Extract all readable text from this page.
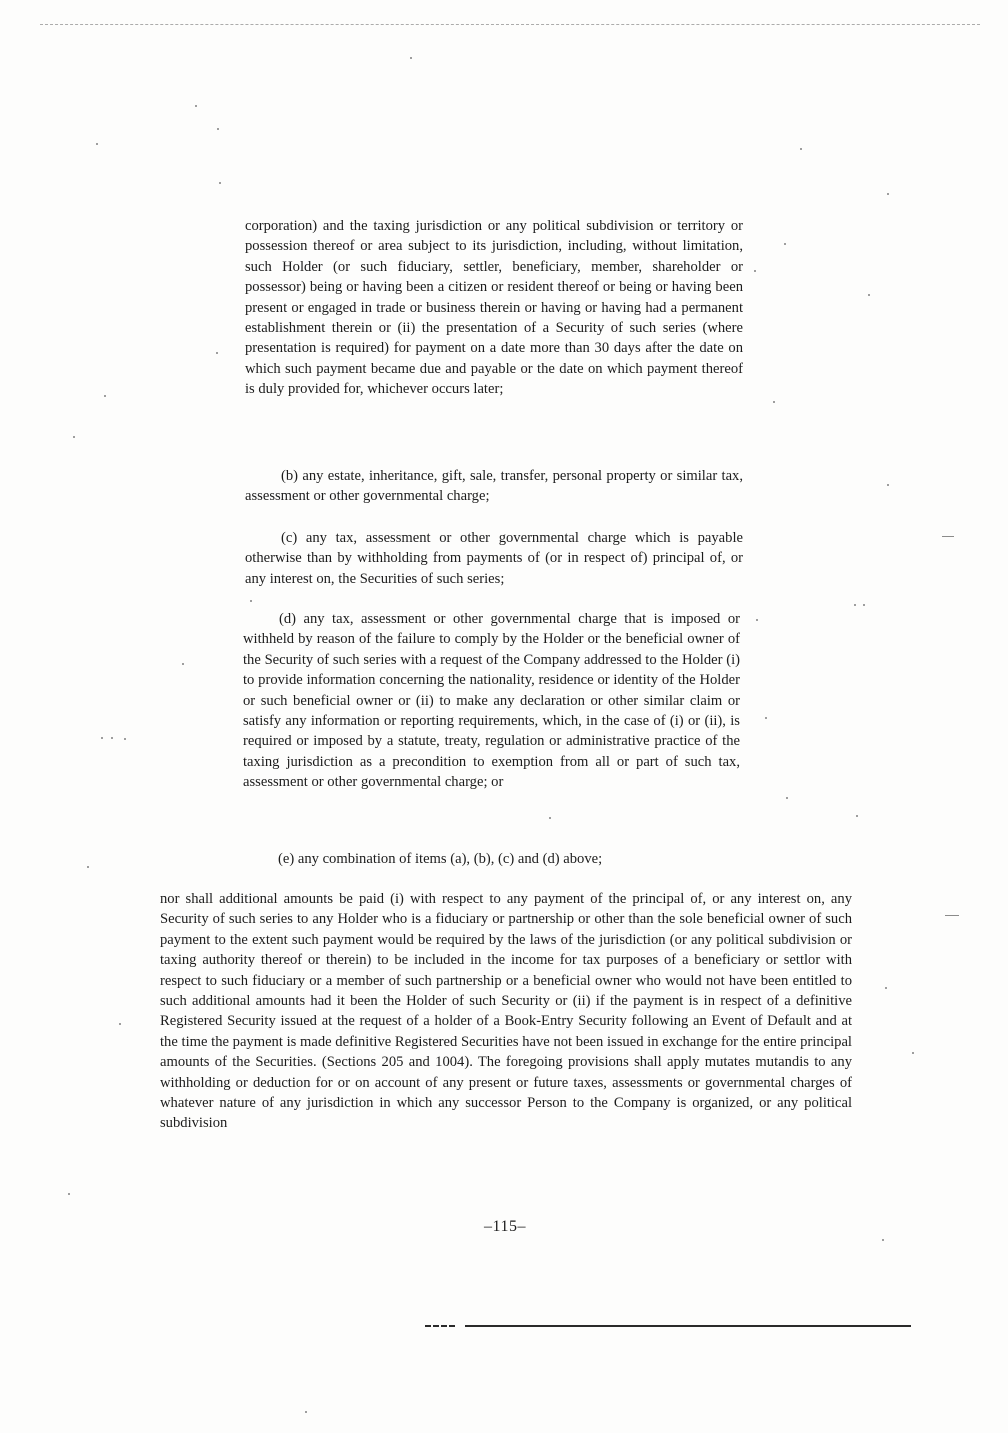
corporation) and the taxing jurisdiction or any political subdivision or territory or possession thereof or area subject to its jurisdiction, including, without limitation, such Holder (or such fiduciary, settler, beneficiary, member, shareholder or possessor) being or having been a citizen or resident thereof or being or having been present or engaged in trade or business therein or having or having had a permanent establishment therein or (ii) the presentation of a Security of such series (where presentation is required) for payment on a date more than 30 days after the date on which such payment became due and payable or the date on which payment thereof is duly provided for, whichever occurs later;

(b) any estate, inheritance, gift, sale, transfer, personal property or similar tax, assessment or other governmental charge;

(c) any tax, assessment or other governmental charge which is payable otherwise than by withholding from payments of (or in respect of) principal of, or any interest on, the Securities of such series;

(d) any tax, assessment or other governmental charge that is imposed or withheld by reason of the failure to comply by the Holder or the beneficial owner of the Security of such series with a request of the Company addressed to the Holder (i) to provide information concerning the nationality, residence or identity of the Holder or such beneficial owner or (ii) to make any declaration or other similar claim or satisfy any information or reporting requirements, which, in the case of (i) or (ii), is required or imposed by a statute, treaty, regulation or administrative practice of the taxing jurisdiction as a precondition to exemption from all or part of such tax, assessment or other governmental charge; or

(e) any combination of items (a), (b), (c) and (d) above;

nor shall additional amounts be paid (i) with respect to any payment of the principal of, or any interest on, any Security of such series to any Holder who is a fiduciary or partnership or other than the sole beneficial owner of such payment to the extent such payment would be required by the laws of the jurisdiction (or any political subdivision or taxing authority thereof or therein) to be included in the income for tax purposes of a beneficiary or settlor with respect to such fiduciary or a member of such partnership or a beneficial owner who would not have been entitled to such additional amounts had it been the Holder of such Security or (ii) if the payment is in respect of a definitive Registered Security issued at the request of a holder of a Book-Entry Security following an Event of Default and at the time the payment is made definitive Registered Securities have not been issued in exchange for the entire principal amounts of the Securities. (Sections 205 and 1004). The foregoing provisions shall apply mutates mutandis to any withholding or deduction for or on account of any present or future taxes, assessments or governmental charges of whatever nature of any jurisdiction in which any successor Person to the Company is organized, or any political subdivision

–115–
